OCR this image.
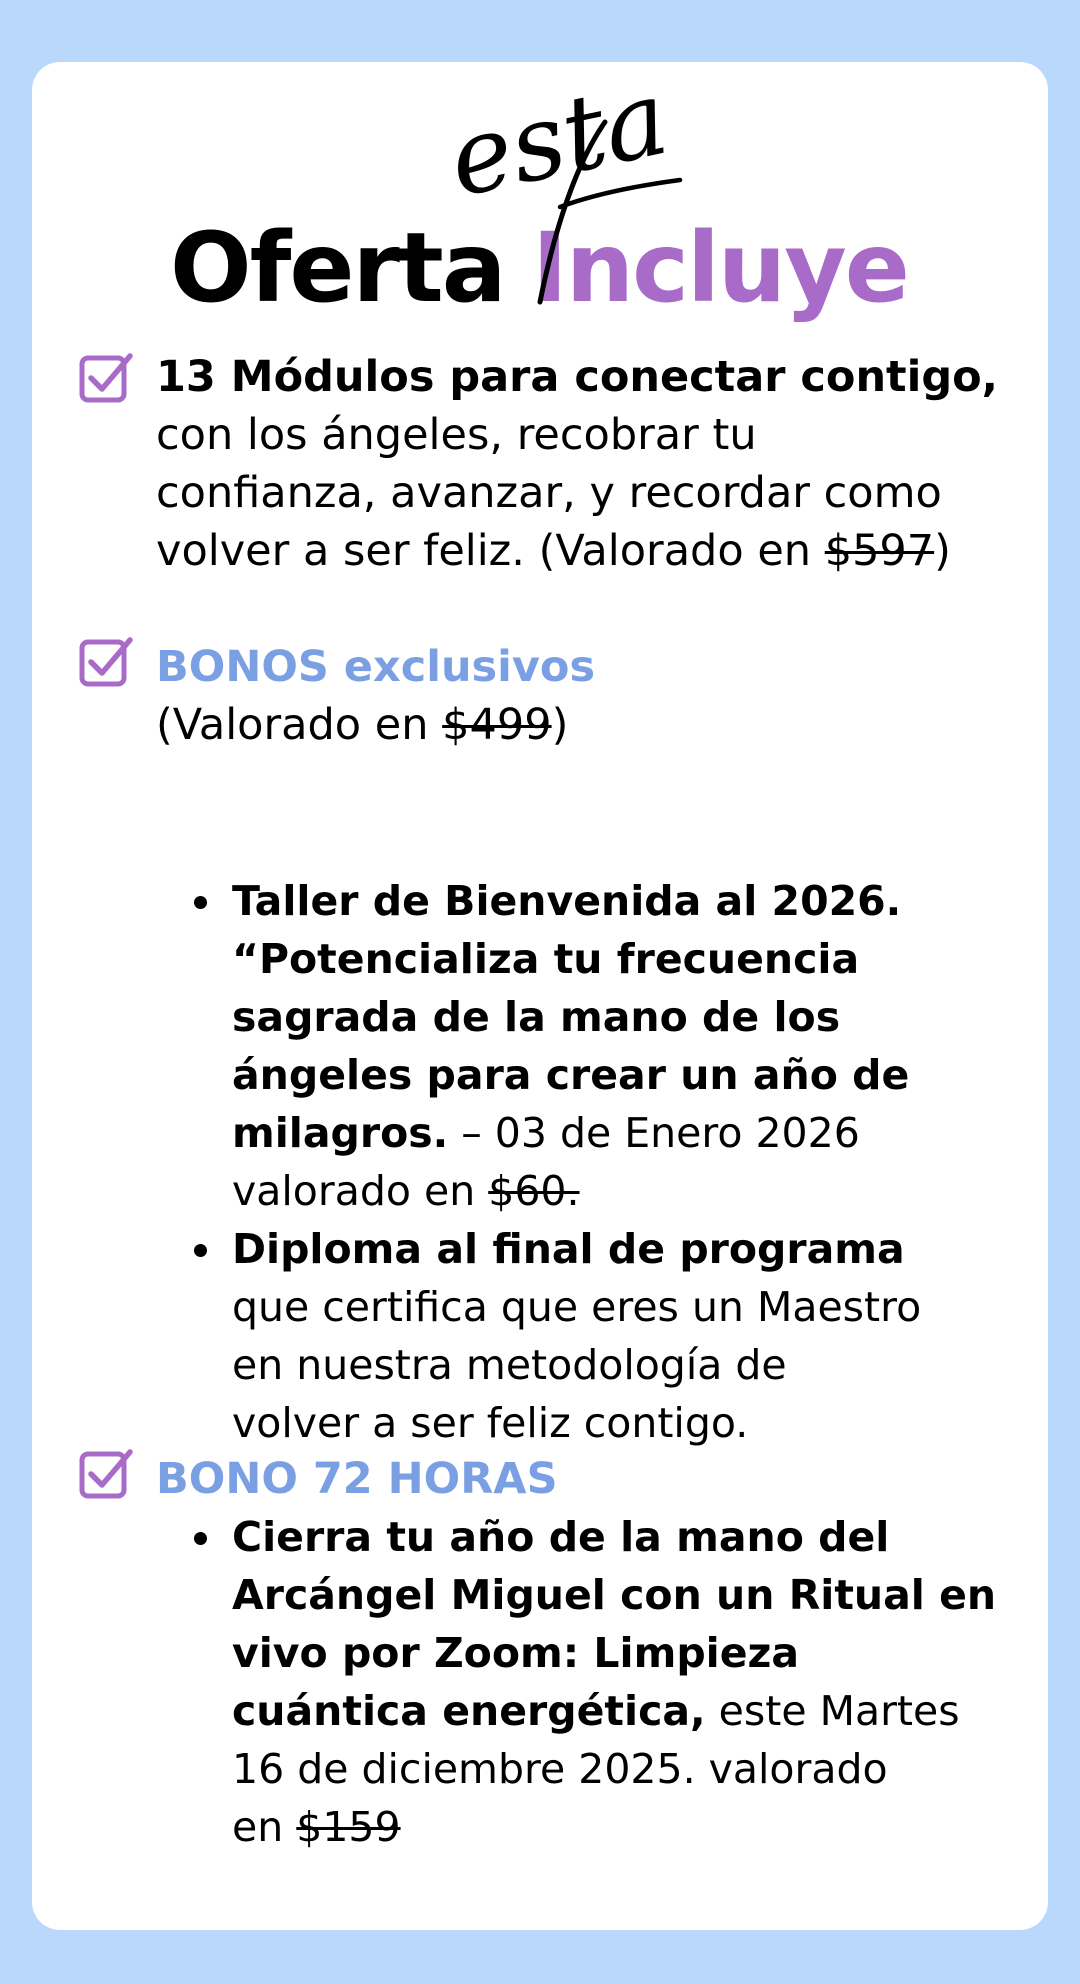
Oferta Incluye
esta
13 Módulos para conectar contigo,
con los ángeles, recobrar tu
confianza, avanzar, y recordar como
volver a ser feliz. (Valorado en $597)
BONOS exclusivos
(Valorado en $499)
Taller de Bienvenida al 2026.
“Potencializa tu frecuencia
sagrada de la mano de los
ángeles para crear un año de
milagros. – 03 de Enero 2026
valorado en $60.
Diploma al final de programa
que certifica que eres un Maestro
en nuestra metodología de
volver a ser feliz contigo.
BONO 72 HORAS
Cierra tu año de la mano del
Arcángel Miguel con un Ritual en
vivo por Zoom: Limpieza
cuántica energética, este Martes
16 de diciembre 2025. valorado
en $159
